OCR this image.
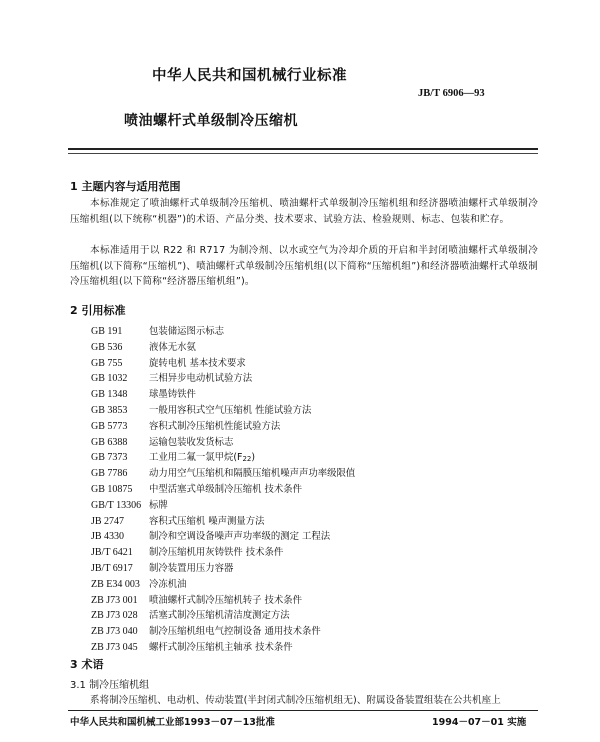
中华人民共和国机械行业标准
JB/T 6906—93
喷油螺杆式单级制冷压缩机
1 主题内容与适用范围
本标准规定了喷油螺杆式单级制冷压缩机、喷油螺杆式单级制冷压缩机组和经济器喷油螺杆式单级制冷压缩机组(以下统称“机器”)的术语、产品分类、技术要求、试验方法、检验规则、标志、包装和贮存。
本标准适用于以 R22 和 R717 为制冷剂、以水或空气为冷却介质的开启和半封闭喷油螺杆式单级制冷压缩机(以下简称“压缩机”)、喷油螺杆式单级制冷压缩机组(以下简称“压缩机组”)和经济器喷油螺杆式单级制冷压缩机组(以下简称“经济器压缩机组”)。
2 引用标准
GB 191	包装储运图示标志
GB 536	液体无水氨
GB 755	旋转电机 基本技术要求
GB 1032 三相异步电动机试验方法
GB 1348 球墨铸铁件
GB 3853 一般用容积式空气压缩机 性能试验方法
GB 5773 容积式制冷压缩机性能试验方法
GB 6388 运输包装收发货标志
GB 7373 工业用二氟一氯甲烷(F22)
GB 7786 动力用空气压缩机和隔膜压缩机噪声声功率级限值
GB 10875 中型活塞式单级制冷压缩机 技术条件
GB/T 13306 标牌
JB 2747	容积式压缩机 噪声测量方法
JB 4330	制冷和空调设备噪声声功率级的测定 工程法
JB/T 6421 制冷压缩机用灰铸铁件 技术条件
JB/T 6917 制冷装置用压力容器
ZB E34 003 冷冻机油
ZB J73 001 喷油螺杆式制冷压缩机转子 技术条件
ZB J73 028 活塞式制冷压缩机清洁度测定方法
ZB J73 040 制冷压缩机组电气控制设备 通用技术条件
ZB J73 045 螺杆式制冷压缩机主轴承 技术条件
3 术语
3.1 制冷压缩机组
系将制冷压缩机、电动机、传动装置(半封闭式制冷压缩机组无)、附属设备装置组装在公共机座上
中华人民共和国机械工业部1993－07－13批准	1994－07－01 实施
